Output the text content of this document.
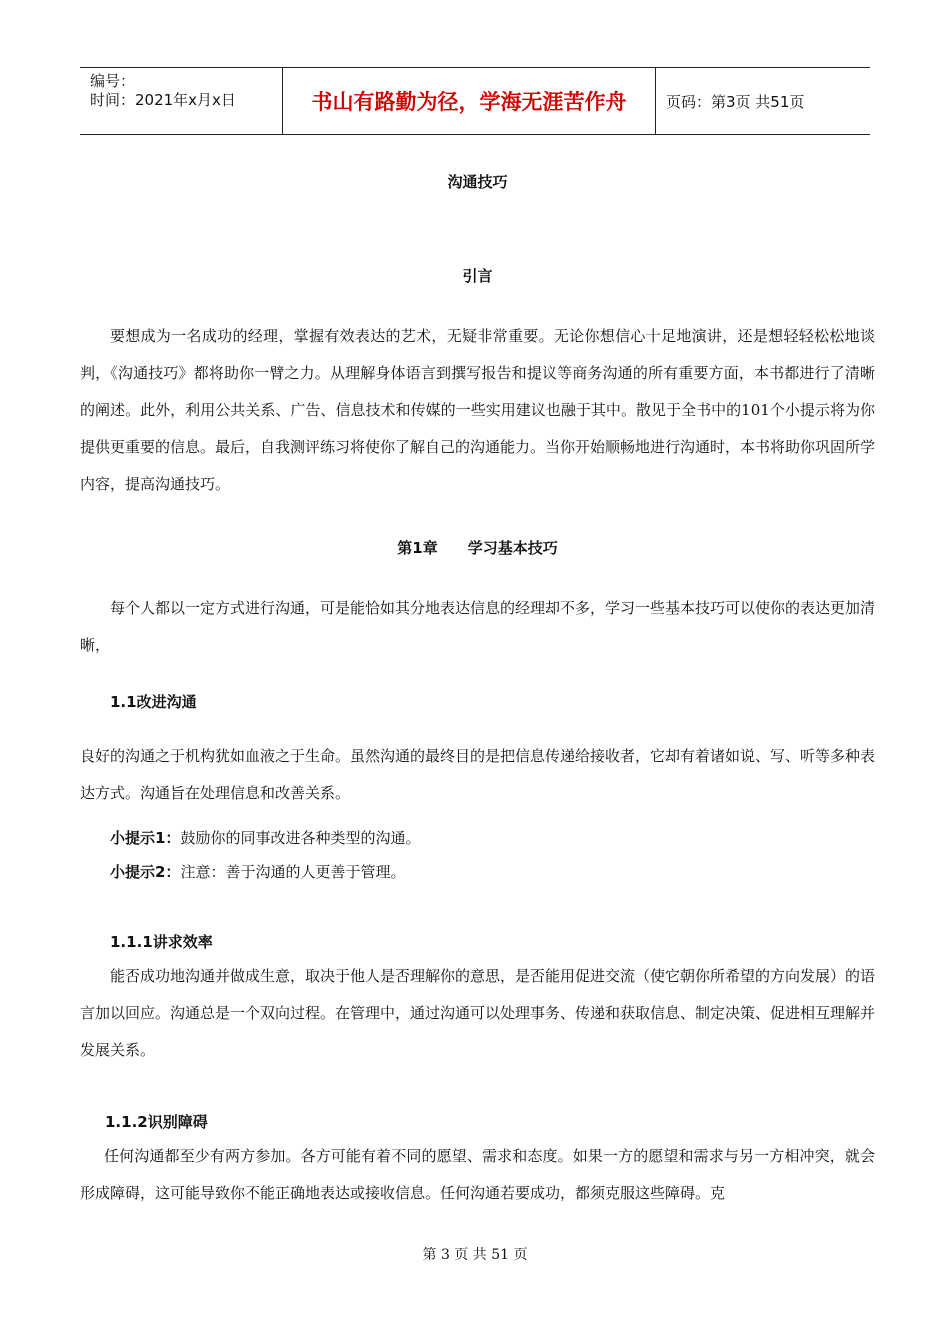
编号：
时间：2021年x月x日	书山有路勤为径，学海无涯苦作舟	页码：第3页 共51页
沟通技巧
引言
要想成为一名成功的经理，掌握有效表达的艺术，无疑非常重要。无论你想信心十足地演讲，还是想轻轻松松地谈判，《沟通技巧》都将助你一臂之力。从理解身体语言到撰写报告和提议等商务沟通的所有重要方面，本书都进行了清晰的阐述。此外，利用公共关系、广告、信息技术和传媒的一些实用建议也融于其中。散见于全书中的101个小提示将为你提供更重要的信息。最后，自我测评练习将使你了解自己的沟通能力。当你开始顺畅地进行沟通时，本书将助你巩固所学内容，提高沟通技巧。
第1章　　学习基本技巧
每个人都以一定方式进行沟通，可是能恰如其分地表达信息的经理却不多，学习一些基本技巧可以使你的表达更加清晰，
1.1改进沟通
良好的沟通之于机构犹如血液之于生命。虽然沟通的最终目的是把信息传递给接收者，它却有着诸如说、写、听等多种表达方式。沟通旨在处理信息和改善关系。
小提示1：鼓励你的同事改进各种类型的沟通。
小提示2：注意：善于沟通的人更善于管理。
1.1.1讲求效率
能否成功地沟通并做成生意，取决于他人是否理解你的意思，是否能用促进交流（使它朝你所希望的方向发展）的语言加以回应。沟通总是一个双向过程。在管理中，通过沟通可以处理事务、传递和获取信息、制定决策、促进相互理解并发展关系。
1.1.2识别障碍
任何沟通都至少有两方参加。各方可能有着不同的愿望、需求和态度。如果一方的愿望和需求与另一方相冲突，就会形成障碍，这可能导致你不能正确地表达或接收信息。任何沟通若要成功，都须克服这些障碍。克
第 3 页 共 51 页
